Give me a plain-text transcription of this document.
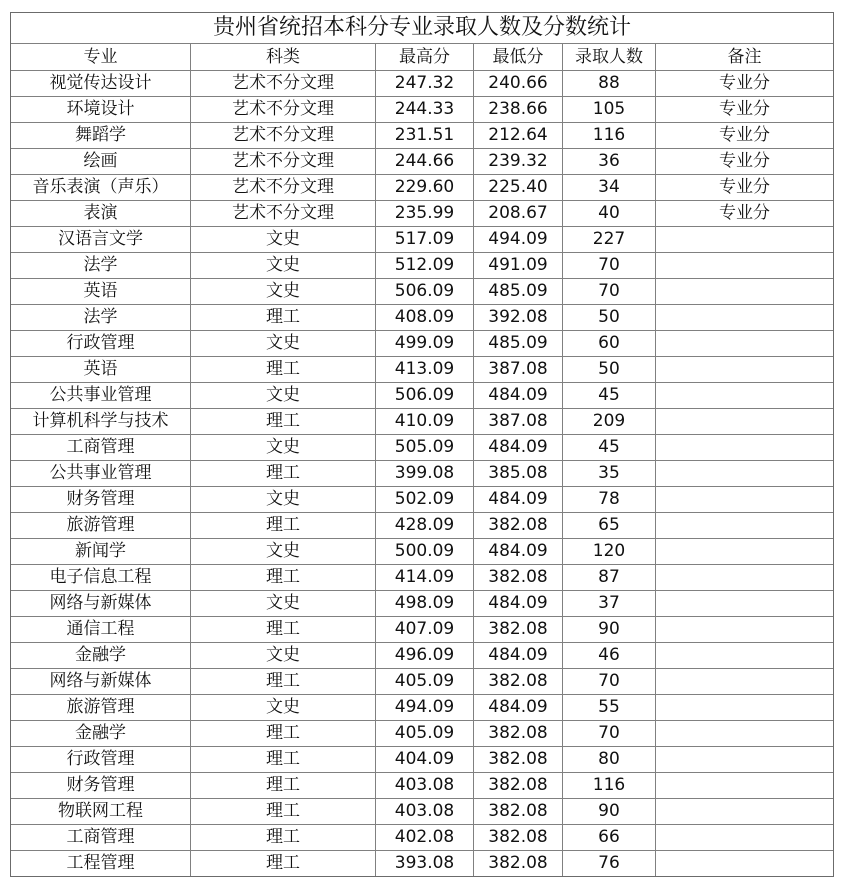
贵州省统招本科分专业录取人数及分数统计					
专业	科类	最高分	最低分	录取人数	备注
视觉传达设计	艺术不分文理	247.32	240.66	88	专业分
环境设计	艺术不分文理	244.33	238.66	105	专业分
舞蹈学	艺术不分文理	231.51	212.64	116	专业分
绘画	艺术不分文理	244.66	239.32	36	专业分
音乐表演（声乐）	艺术不分文理	229.60	225.40	34	专业分
表演	艺术不分文理	235.99	208.67	40	专业分
汉语言文学	文史	517.09	494.09	227	
法学	文史	512.09	491.09	70	
英语	文史	506.09	485.09	70	
法学	理工	408.09	392.08	50	
行政管理	文史	499.09	485.09	60	
英语	理工	413.09	387.08	50	
公共事业管理	文史	506.09	484.09	45	
计算机科学与技术	理工	410.09	387.08	209	
工商管理	文史	505.09	484.09	45	
公共事业管理	理工	399.08	385.08	35	
财务管理	文史	502.09	484.09	78	
旅游管理	理工	428.09	382.08	65	
新闻学	文史	500.09	484.09	120	
电子信息工程	理工	414.09	382.08	87	
网络与新媒体	文史	498.09	484.09	37	
通信工程	理工	407.09	382.08	90	
金融学	文史	496.09	484.09	46	
网络与新媒体	理工	405.09	382.08	70	
旅游管理	文史	494.09	484.09	55	
金融学	理工	405.09	382.08	70	
行政管理	理工	404.09	382.08	80	
财务管理	理工	403.08	382.08	116	
物联网工程	理工	403.08	382.08	90	
工商管理	理工	402.08	382.08	66	
工程管理	理工	393.08	382.08	76	
